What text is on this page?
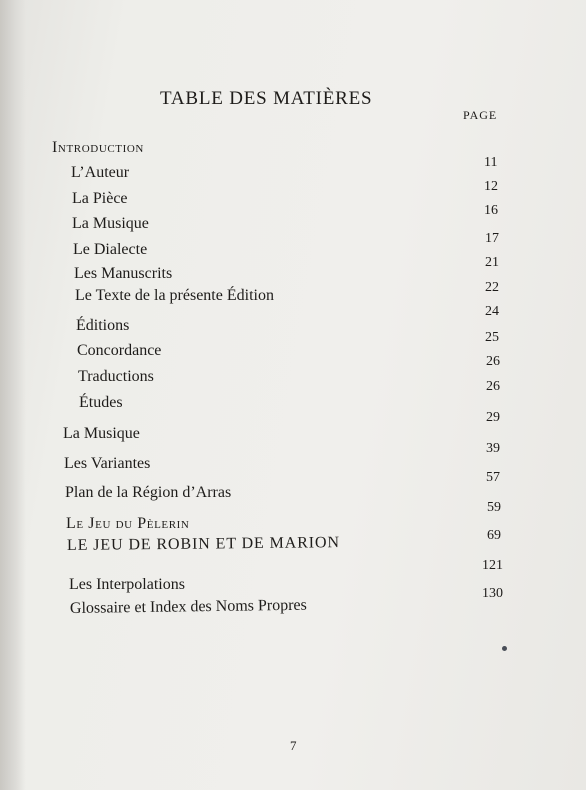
TABLE DES MATIÈRES
PAGE
Introduction
L’Auteur
La Pièce
La Musique
Le Dialecte
Les Manuscrits
Le Texte de la présente Édition
Éditions
Concordance
Traductions
Études
La Musique
Les Variantes
Plan de la Région d’Arras
Le Jeu du Pèlerin
LE JEU DE ROBIN ET DE MARION
Les Interpolations
Glossaire et Index des Noms Propres
11
12
16
17
21
22
24
25
26
26
29
39
57
59
69
121
130
7
